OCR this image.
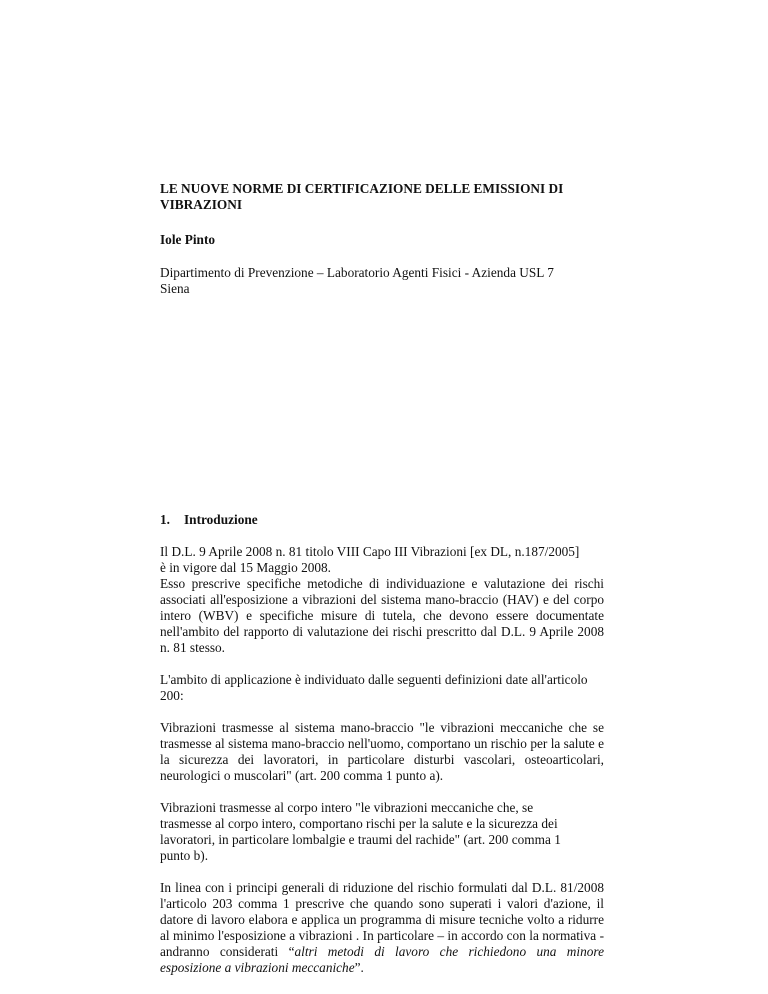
LE NUOVE NORME DI CERTIFICAZIONE DELLE EMISSIONI DI

VIBRAZIONI

Iole Pinto

Dipartimento di Prevenzione – Laboratorio Agenti Fisici - Azienda USL 7

Siena

1. Introduzione

Il D.L. 9 Aprile 2008 n. 81 titolo VIII Capo III Vibrazioni [ex DL, n.187/2005]

è in vigore dal 15 Maggio 2008.

Esso prescrive specifiche metodiche di individuazione e valutazione dei rischi associati all'esposizione a vibrazioni del sistema mano-braccio (HAV) e del corpo intero (WBV) e specifiche misure di tutela, che devono essere documentate nell'ambito del rapporto di valutazione dei rischi prescritto dal D.L. 9 Aprile 2008 n. 81 stesso.

L'ambito di applicazione è individuato dalle seguenti definizioni date all'articolo

200:

Vibrazioni trasmesse al sistema mano-braccio "le vibrazioni meccaniche che se trasmesse al sistema mano-braccio nell'uomo, comportano un rischio per la salute e la sicurezza dei lavoratori, in particolare disturbi vascolari, osteoarticolari, neurologici o muscolari" (art. 200 comma 1 punto a).

Vibrazioni trasmesse al corpo intero "le vibrazioni meccaniche che, se

trasmesse al corpo intero, comportano rischi per la salute e la sicurezza dei

lavoratori, in particolare lombalgie e traumi del rachide" (art. 200 comma 1

punto b).

In linea con i principi generali di riduzione del rischio formulati dal D.L. 81/2008 l'articolo 203 comma 1 prescrive che quando sono superati i valori d'azione, il datore di lavoro elabora e applica un programma di misure tecniche volto a ridurre al minimo l'esposizione a vibrazioni . In particolare – in accordo con la normativa - andranno considerati “altri metodi di lavoro che richiedono una minore esposizione a vibrazioni meccaniche”.
